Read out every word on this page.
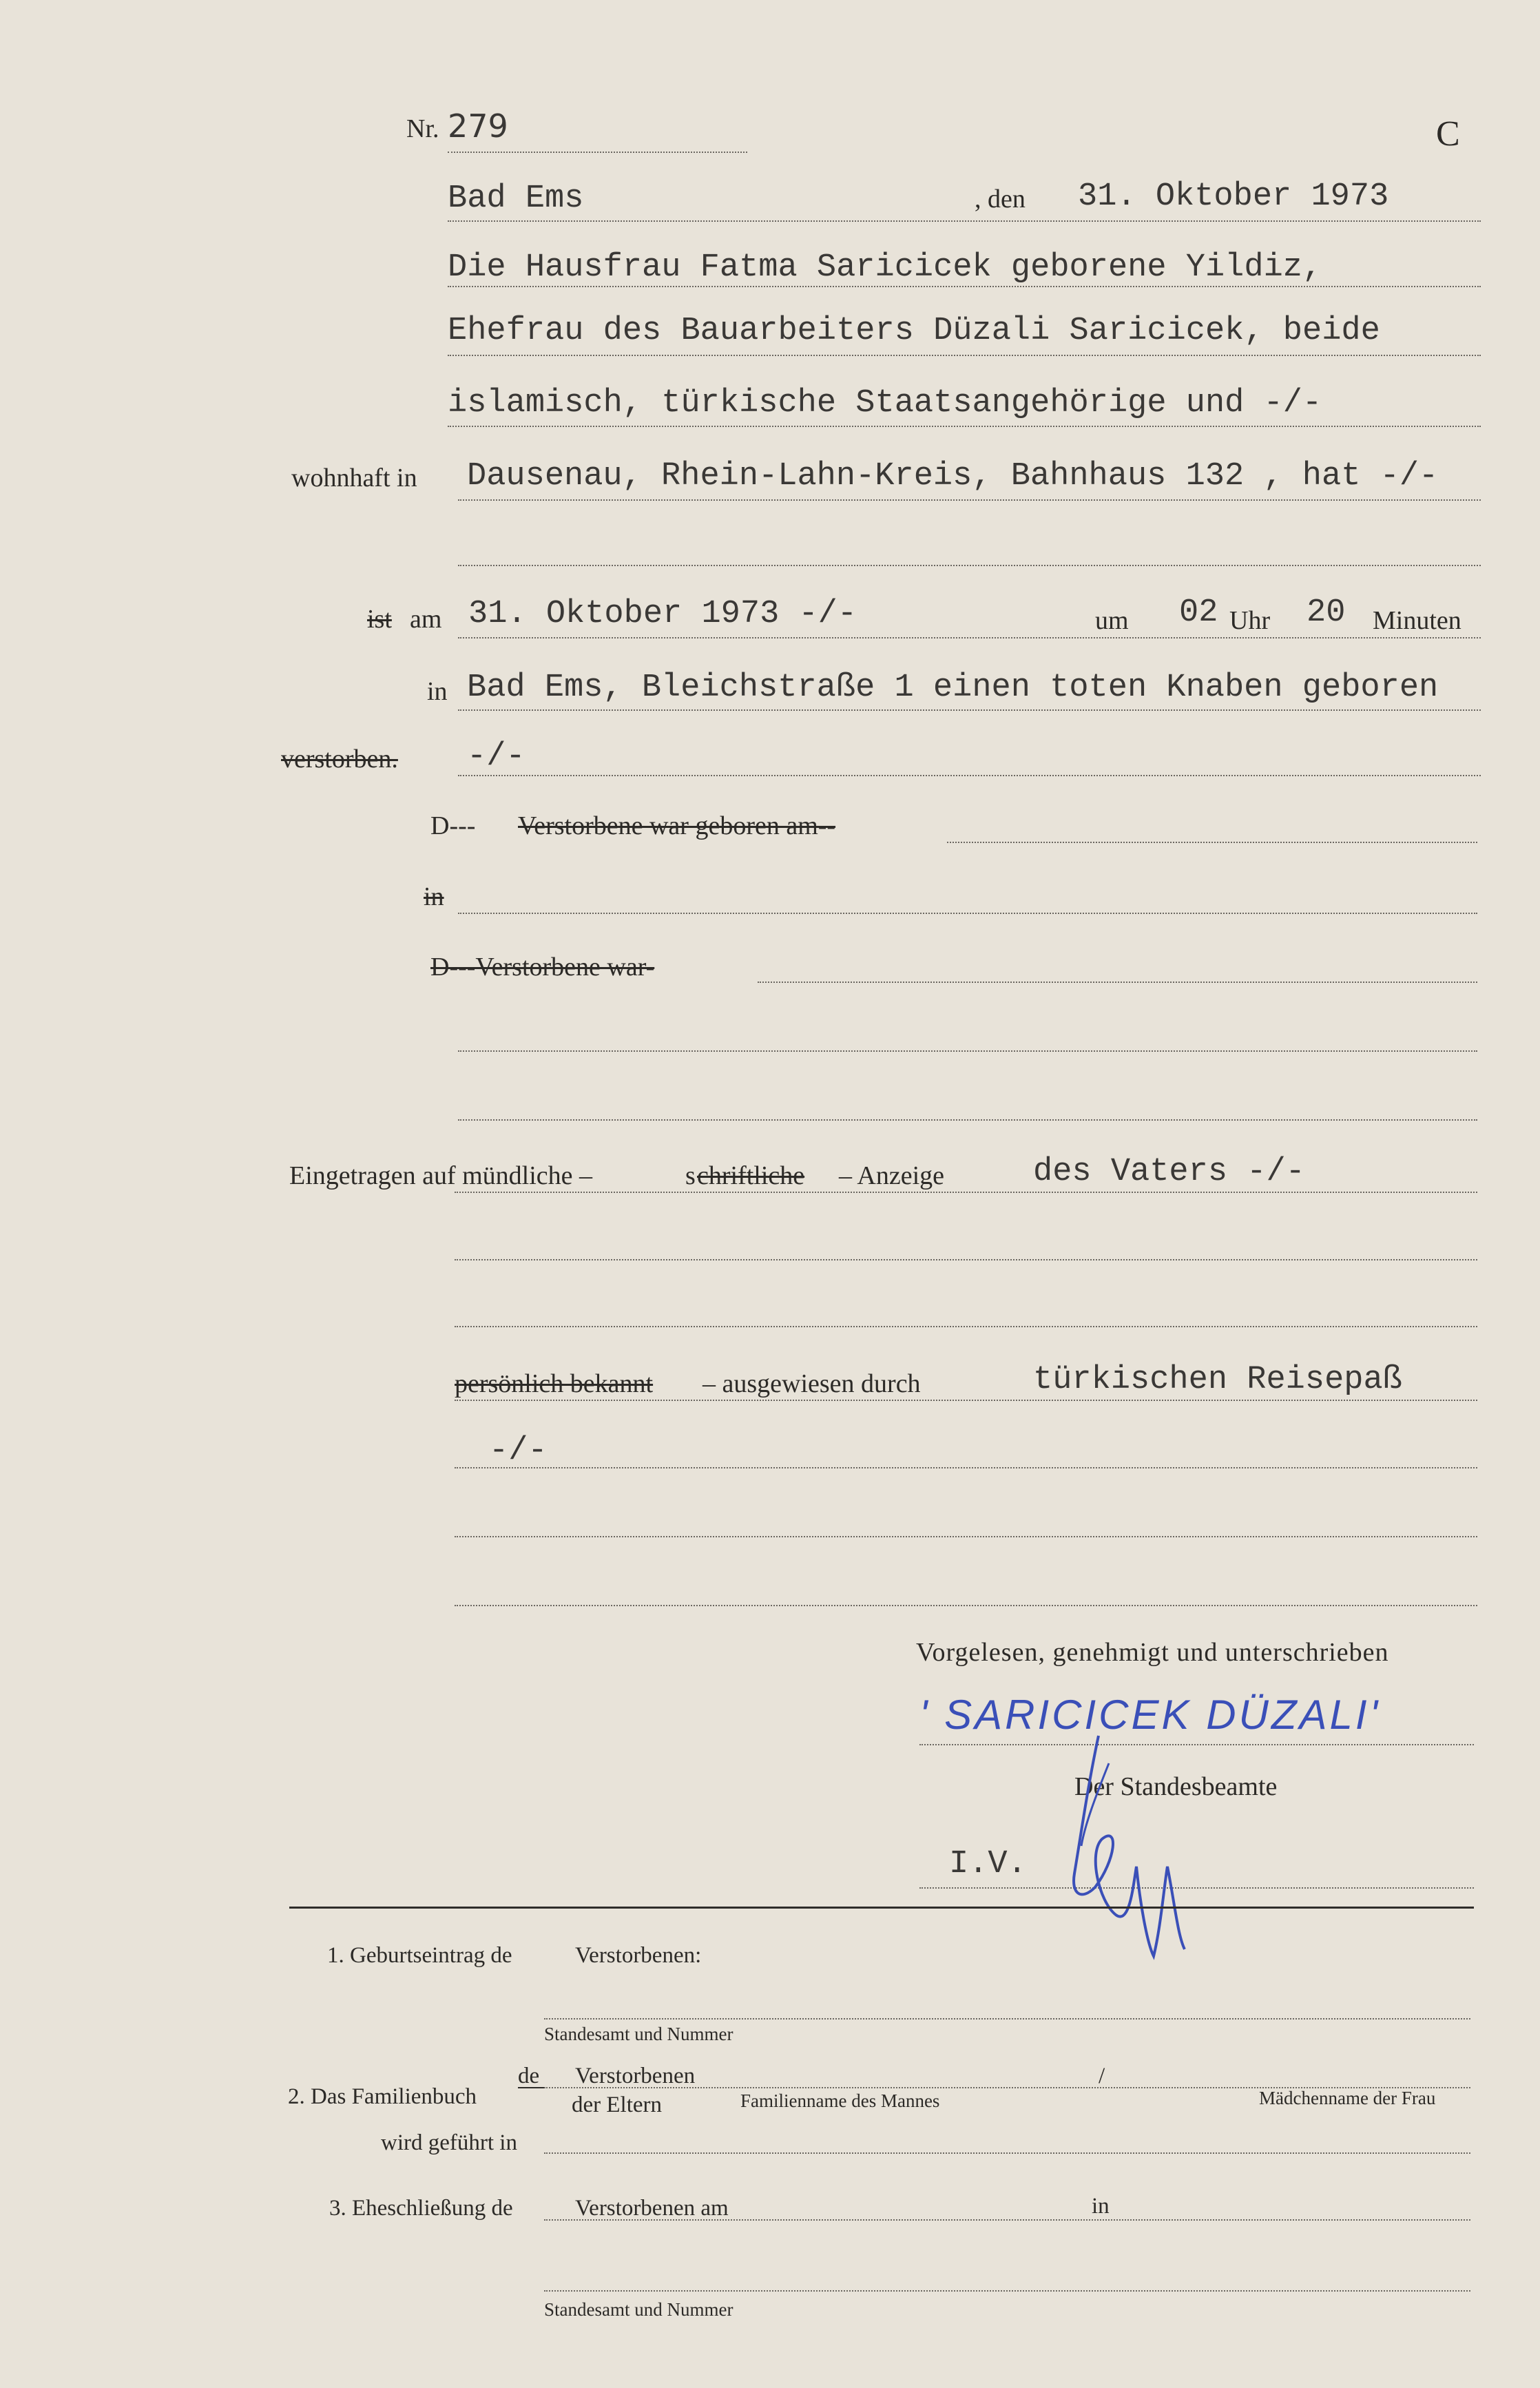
Nr. 279	C
Bad Ems	, den 31. Oktober 1973
Die Hausfrau Fatma Saricicek geborene Yildiz,
Ehefrau des Bauarbeiters Düzali Saricicek, beide
islamisch, türkische Staatsangehörige und -/-
wohnhaft in Dausenau, Rhein-Lahn-Kreis, Bahnhaus 132 , hat -/-
ist am 31. Oktober 1973 -/-	um 02 Uhr 20 Minuten
in Bad Ems, Bleichstraße 1 einen toten Knaben geboren
verstorben. -/-
D--- Verstorbene war geboren am--
in
D---Verstorbene war-
Eingetragen auf mündliche –	s chriftliche – Anzeige	des Vaters -/-
persönlich bekannt – ausgewiesen durch	türkischen Reisepaß
-/-
Vorgelesen, genehmigt und unterschrieben
' SARICICEK DÜZALI'
Der Standesbeamte
I.V.
1. Geburtseintrag de	Verstorbenen:
Standesamt und Nummer
2. Das Familienbuch
de Verstorbenen	/
der Eltern	Familienname des Mannes	Mädchenname der Frau
wird geführt in
3. Eheschließung de	Verstorbenen am	in
Standesamt und Nummer
